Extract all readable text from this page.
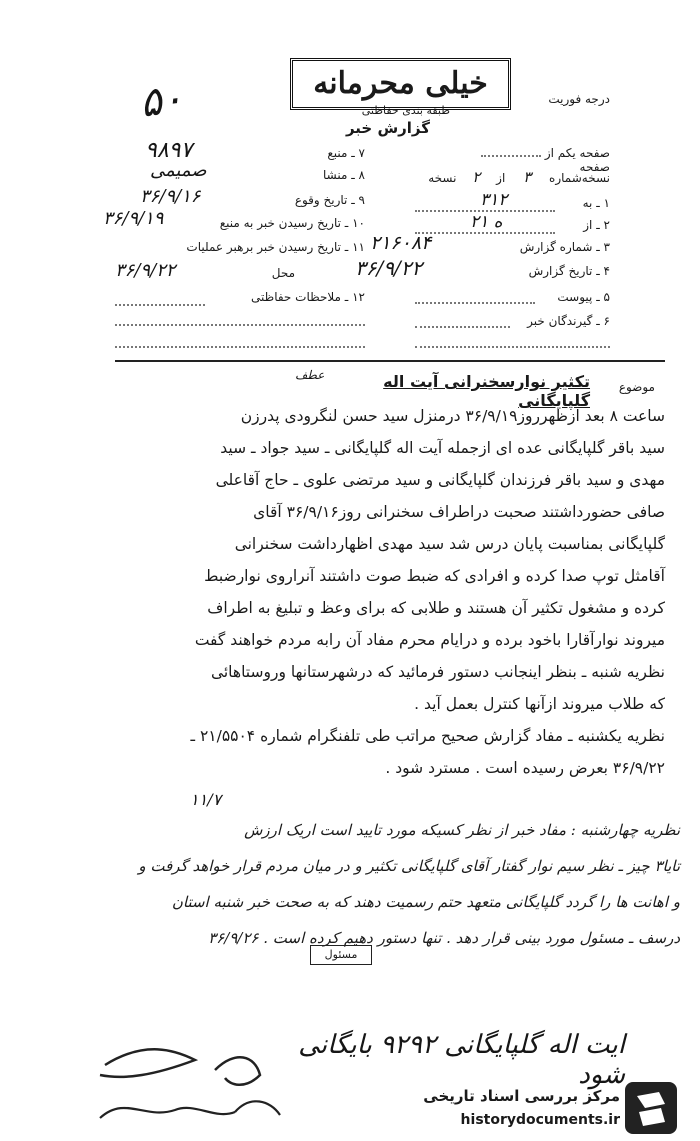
خیلی محرمانه
۵۰	طبقه بندی حفاظتی
گزارش خبر
درجه فوریت
صفحه یکم از  صفحه
نسخه‌شماره ۳ از ۲ نسخه
۱ ـ به
۳۱۲
۲ ـ از
۲۱ ه
۳ ـ شماره گزارش
۲۱۶۰۸۴
۴ ـ تاریخ گزارش
۳۶/۹/۲۲
۵ ـ پیوست
۶ ـ گیرندگان خبر
۷ ـ منبع
۹۸۹۷
۸ ـ منشا
صمیمی
۹ ـ تاریخ وقوع
۳۶/۹/۱۶
۱۰ ـ تاریخ رسیدن خبر به منبع
۳۶/۹/۱۹
۱۱ ـ تاریخ رسیدن خبر برهبر عملیات
محل
۳۶/۹/۲۲
۱۲ ـ ملاحظات حفاظتی
موضوع
تکثیر نوارسخنرانی آیت اله گلپایگانی
عطف
ساعت ۸ بعد ازظهرروز۳۶/۹/۱۹ درمنزل سید حسن لنگرودی پدرزن
سید باقر گلپایگانی عده ای ازجمله آیت اله گلپایگانی ـ سید جواد ـ سید
مهدی و سید باقر فرزندان گلپایگانی و سید مرتضی علوی ـ حاج آقاعلی
صافی حضورداشتند صحبت دراطراف سخنرانی روز۳۶/۹/۱۶ آقای
گلپایگانی بمناسبت پایان درس شد سید مهدی اظهارداشت سخنرانی
آقامثل توپ صدا کرده و افرادی که ضبط صوت داشتند آنراروی نوارضبط
کرده و مشغول تکثیر آن هستند و طلابی که برای وعظ و تبلیغ به اطراف
میروند نوارآقارا باخود برده و درایام محرم مفاد آن رابه مردم خواهند گفت
نظریه شنبه ـ بنظر اینجانب دستور فرمائید که درشهرستانها وروستاهائی
که طلاب میروند ازآنها کنترل بعمل آید .
نظریه یکشنبه ـ مفاد گزارش صحیح مراتب طی تلفنگرام شماره ۲۱/۵۵۰۴ ـ
۳۶/۹/۲۲ بعرض رسیده است . مسترد شود .
۱۱/۷
نظریه چهارشنبه : مفاد خبر از نظر کسیکه مورد تایید است اریک ارزش
تایا۳ چیز ـ نظر سیم نوار گفتار آقای گلپایگانی تکثیر و در میان مردم قرار خواهد گرفت و
و اهانت ها را گردد گلپایگانی متعهد حتم رسمیت دهند که به صحت خبر شنبه استان
درسف ـ مسئول مورد بینی قرار دهد . تنها دستور دهیم کرده است . ۳۶/۹/۲۶
مسئول
ایت اله گلپایگانی ۹۲۹۲ بایگانی شود
مرکز بررسی اسناد تاریخی
historydocuments.ir
